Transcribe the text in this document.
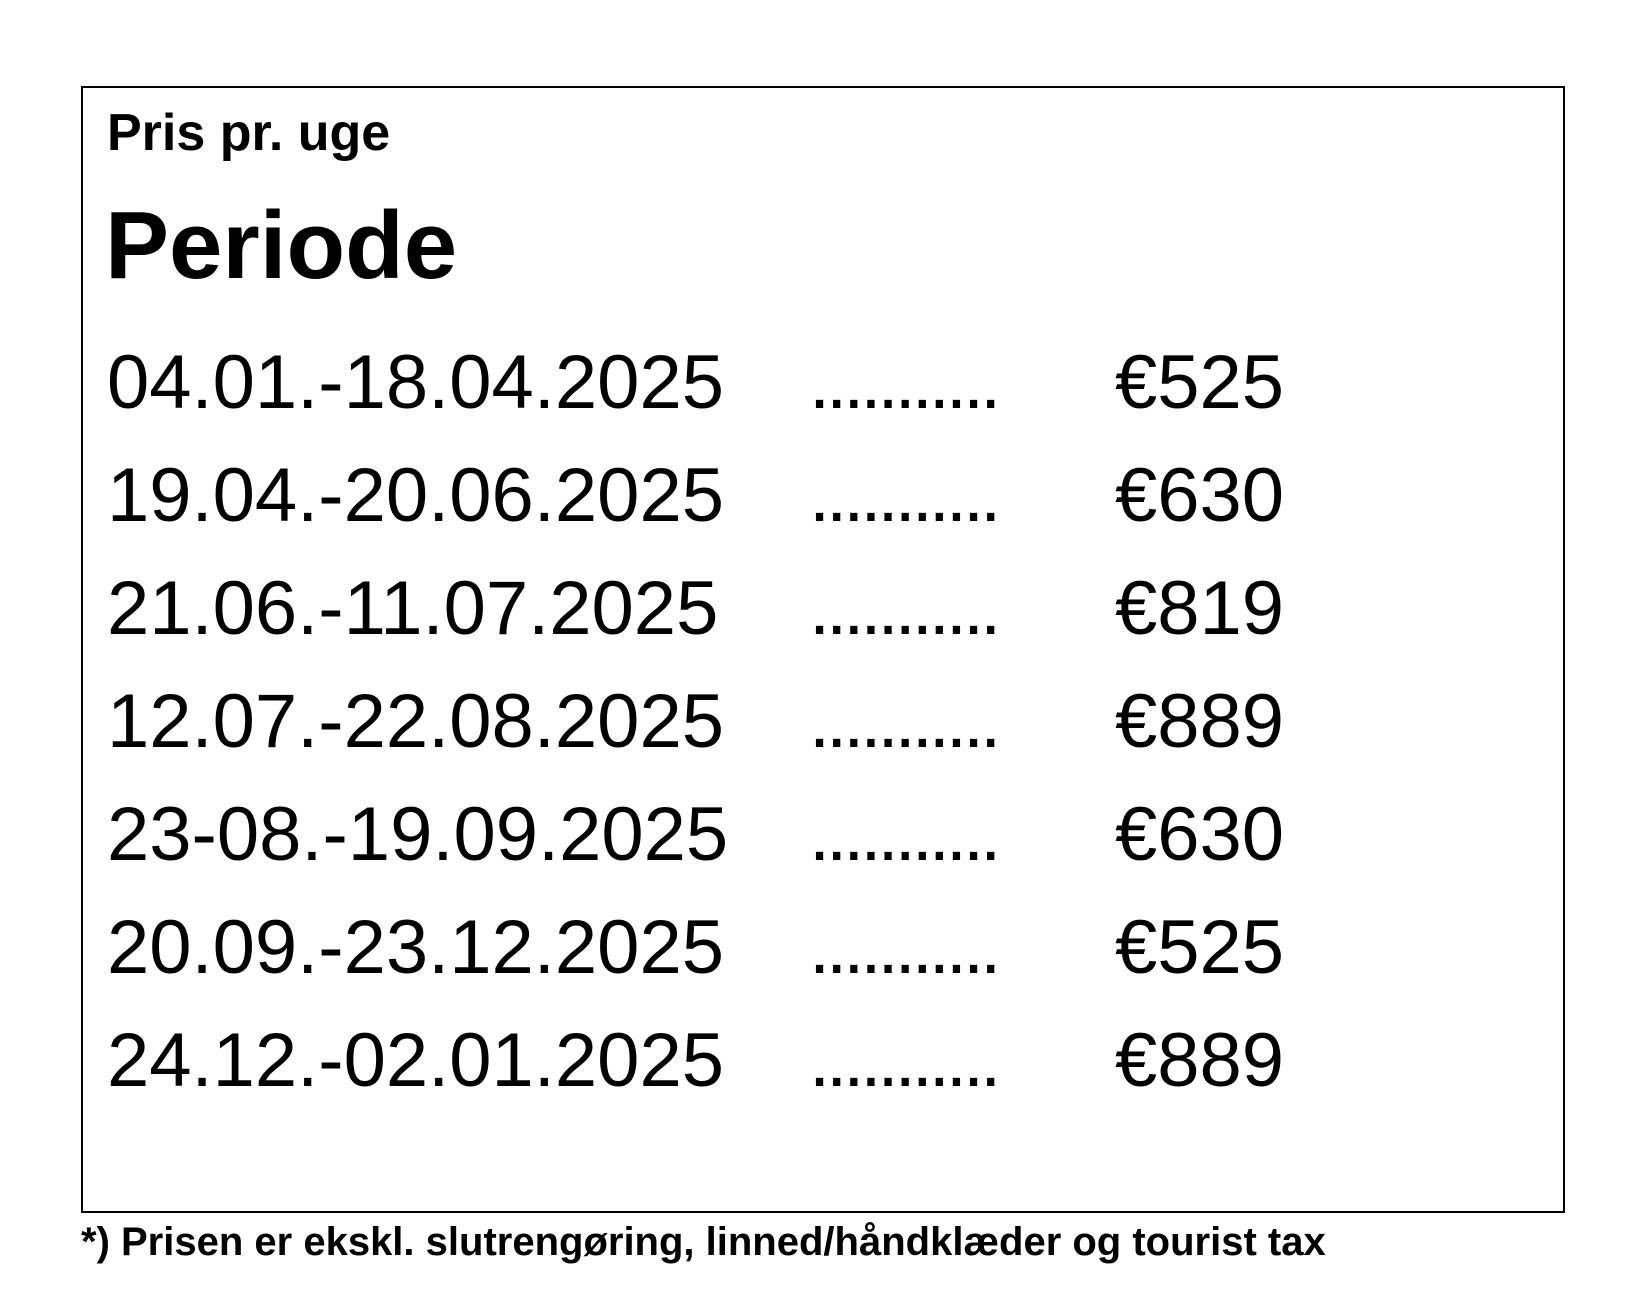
Pris pr. uge
Periode
04.01.-18.04.2025 ........... €525
19.04.-20.06.2025 ........... €630
21.06.-11.07.2025 ........... €819
12.07.-22.08.2025 ........... €889
23-08.-19.09.2025 ........... €630
20.09.-23.12.2025 ........... €525
24.12.-02.01.2025 ........... €889
*) Prisen er ekskl. slutrengøring, linned/håndklæder og tourist tax
